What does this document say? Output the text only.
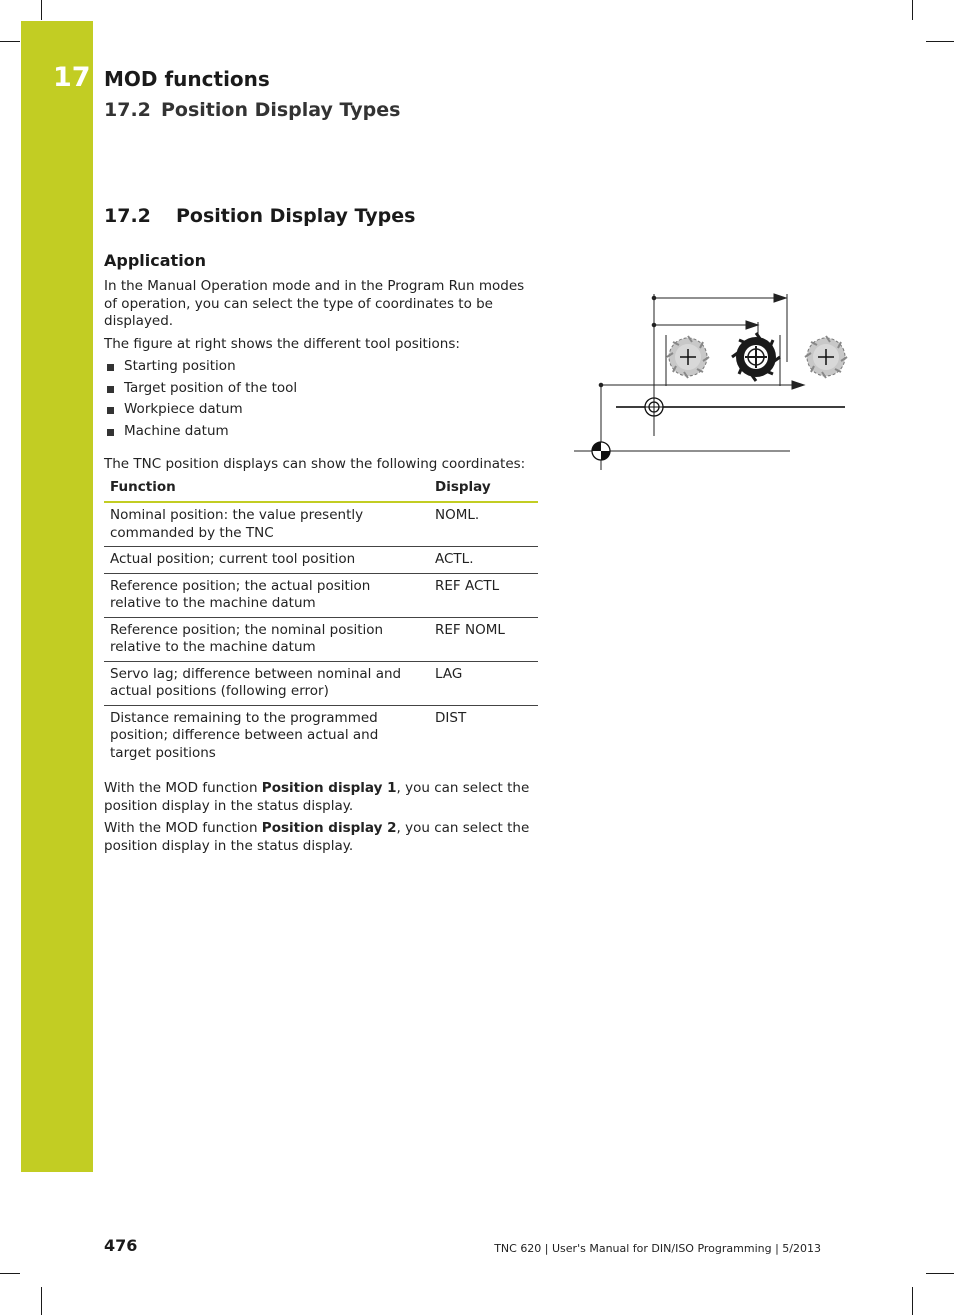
17 MOD functions
17.2 Position Display Types
17.2 Position Display Types
Application

In the Manual Operation mode and in the Program Run modes of operation, you can select the type of coordinates to be displayed.

The figure at right shows the different tool positions:

Starting position
Target position of the tool
Workpiece datum
Machine datum

The TNC position displays can show the following coordinates:

Function	Display
Nominal position: the value presently commanded by the TNC	NOML.
Actual position; current tool position	ACTL.
Reference position; the actual position relative to the machine datum	REF ACTL
Reference position; the nominal position relative to the machine datum	REF NOML
Servo lag; difference between nominal and actual positions (following error)	LAG
Distance remaining to the programmed position; difference between actual and target positions	DIST

With the MOD function Position display 1, you can select the position display in the status display.

With the MOD function Position display 2, you can select the position display in the status display.

476	TNC 620 | User's Manual for DIN/ISO Programming | 5/2013
